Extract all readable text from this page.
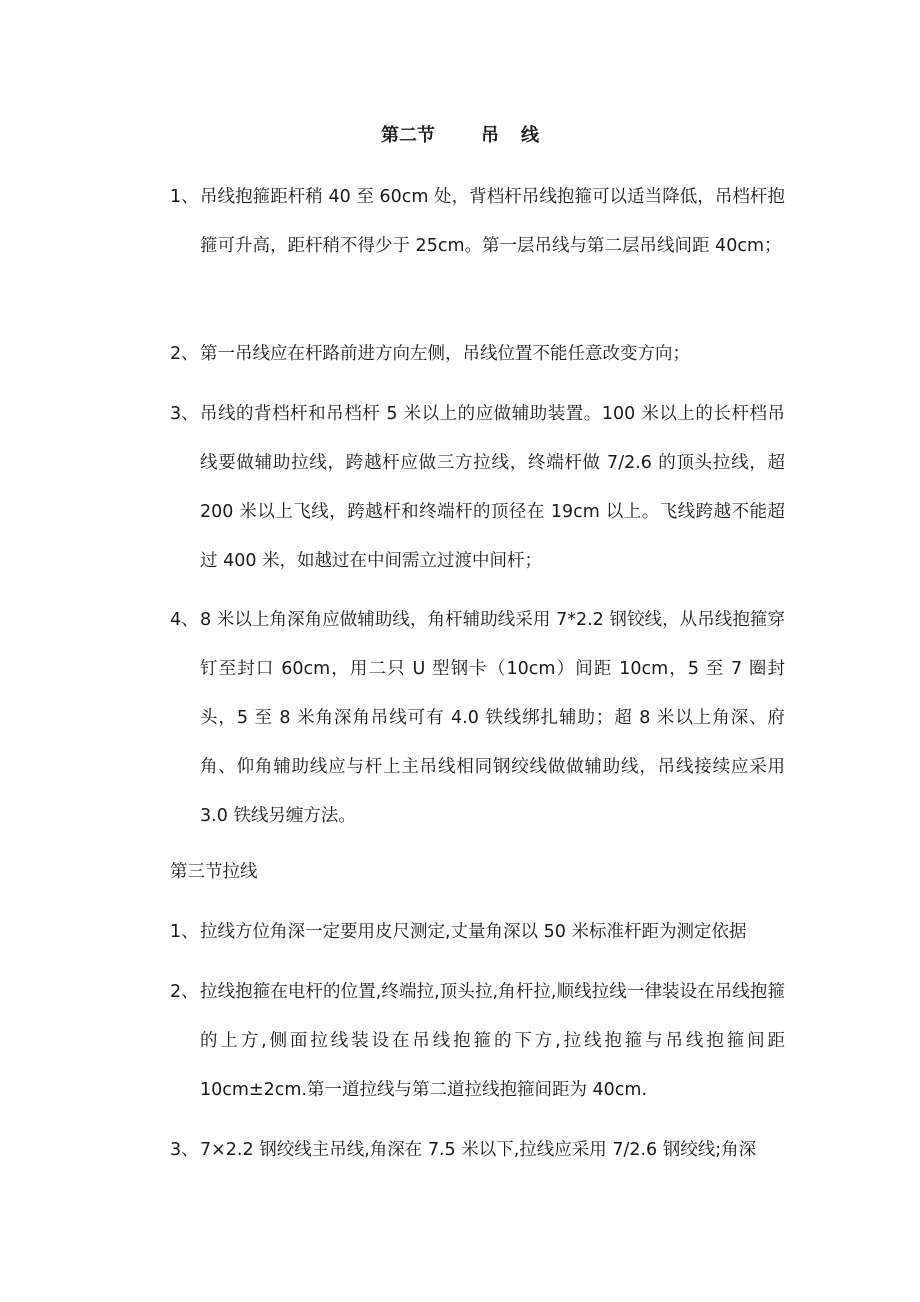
第二节	吊 线
1、 吊线抱箍距杆稍 40 至 60cm 处，背档杆吊线抱箍可以适当降低，吊档杆抱箍可升高，距杆稍不得少于 25cm。第一层吊线与第二层吊线间距 40cm；
2、 第一吊线应在杆路前进方向左侧，吊线位置不能任意改变方向；
3、 吊线的背档杆和吊档杆 5 米以上的应做辅助装置。100 米以上的长杆档吊线要做辅助拉线，跨越杆应做三方拉线，终端杆做 7/2.6 的顶头拉线，超 200 米以上飞线，跨越杆和终端杆的顶径在 19cm 以上。飞线跨越不能超过 400 米，如越过在中间需立过渡中间杆；
4、 8 米以上角深角应做辅助线，角杆辅助线采用 7*2.2 钢铰线，从吊线抱箍穿钉至封口 60cm，用二只 U 型钢卡（10cm）间距 10cm，5 至 7 圈封头，5 至 8 米角深角吊线可有 4.0 铁线绑扎辅助；超 8 米以上角深、府角、仰角辅助线应与杆上主吊线相同钢绞线做做辅助线，吊线接续应采用 3.0 铁线另缠方法。
第三节拉线
1、 拉线方位角深一定要用皮尺测定,丈量角深以 50 米标准杆距为测定依据
2、 拉线抱箍在电杆的位置,终端拉,顶头拉,角杆拉,顺线拉线一律装设在吊线抱箍的上方,侧面拉线装设在吊线抱箍的下方,拉线抱箍与吊线抱箍间距 10cm±2cm.第一道拉线与第二道拉线抱箍间距为 40cm.
3、 7×2.2 钢绞线主吊线,角深在 7.5 米以下,拉线应采用 7/2.6 钢绞线;角深
